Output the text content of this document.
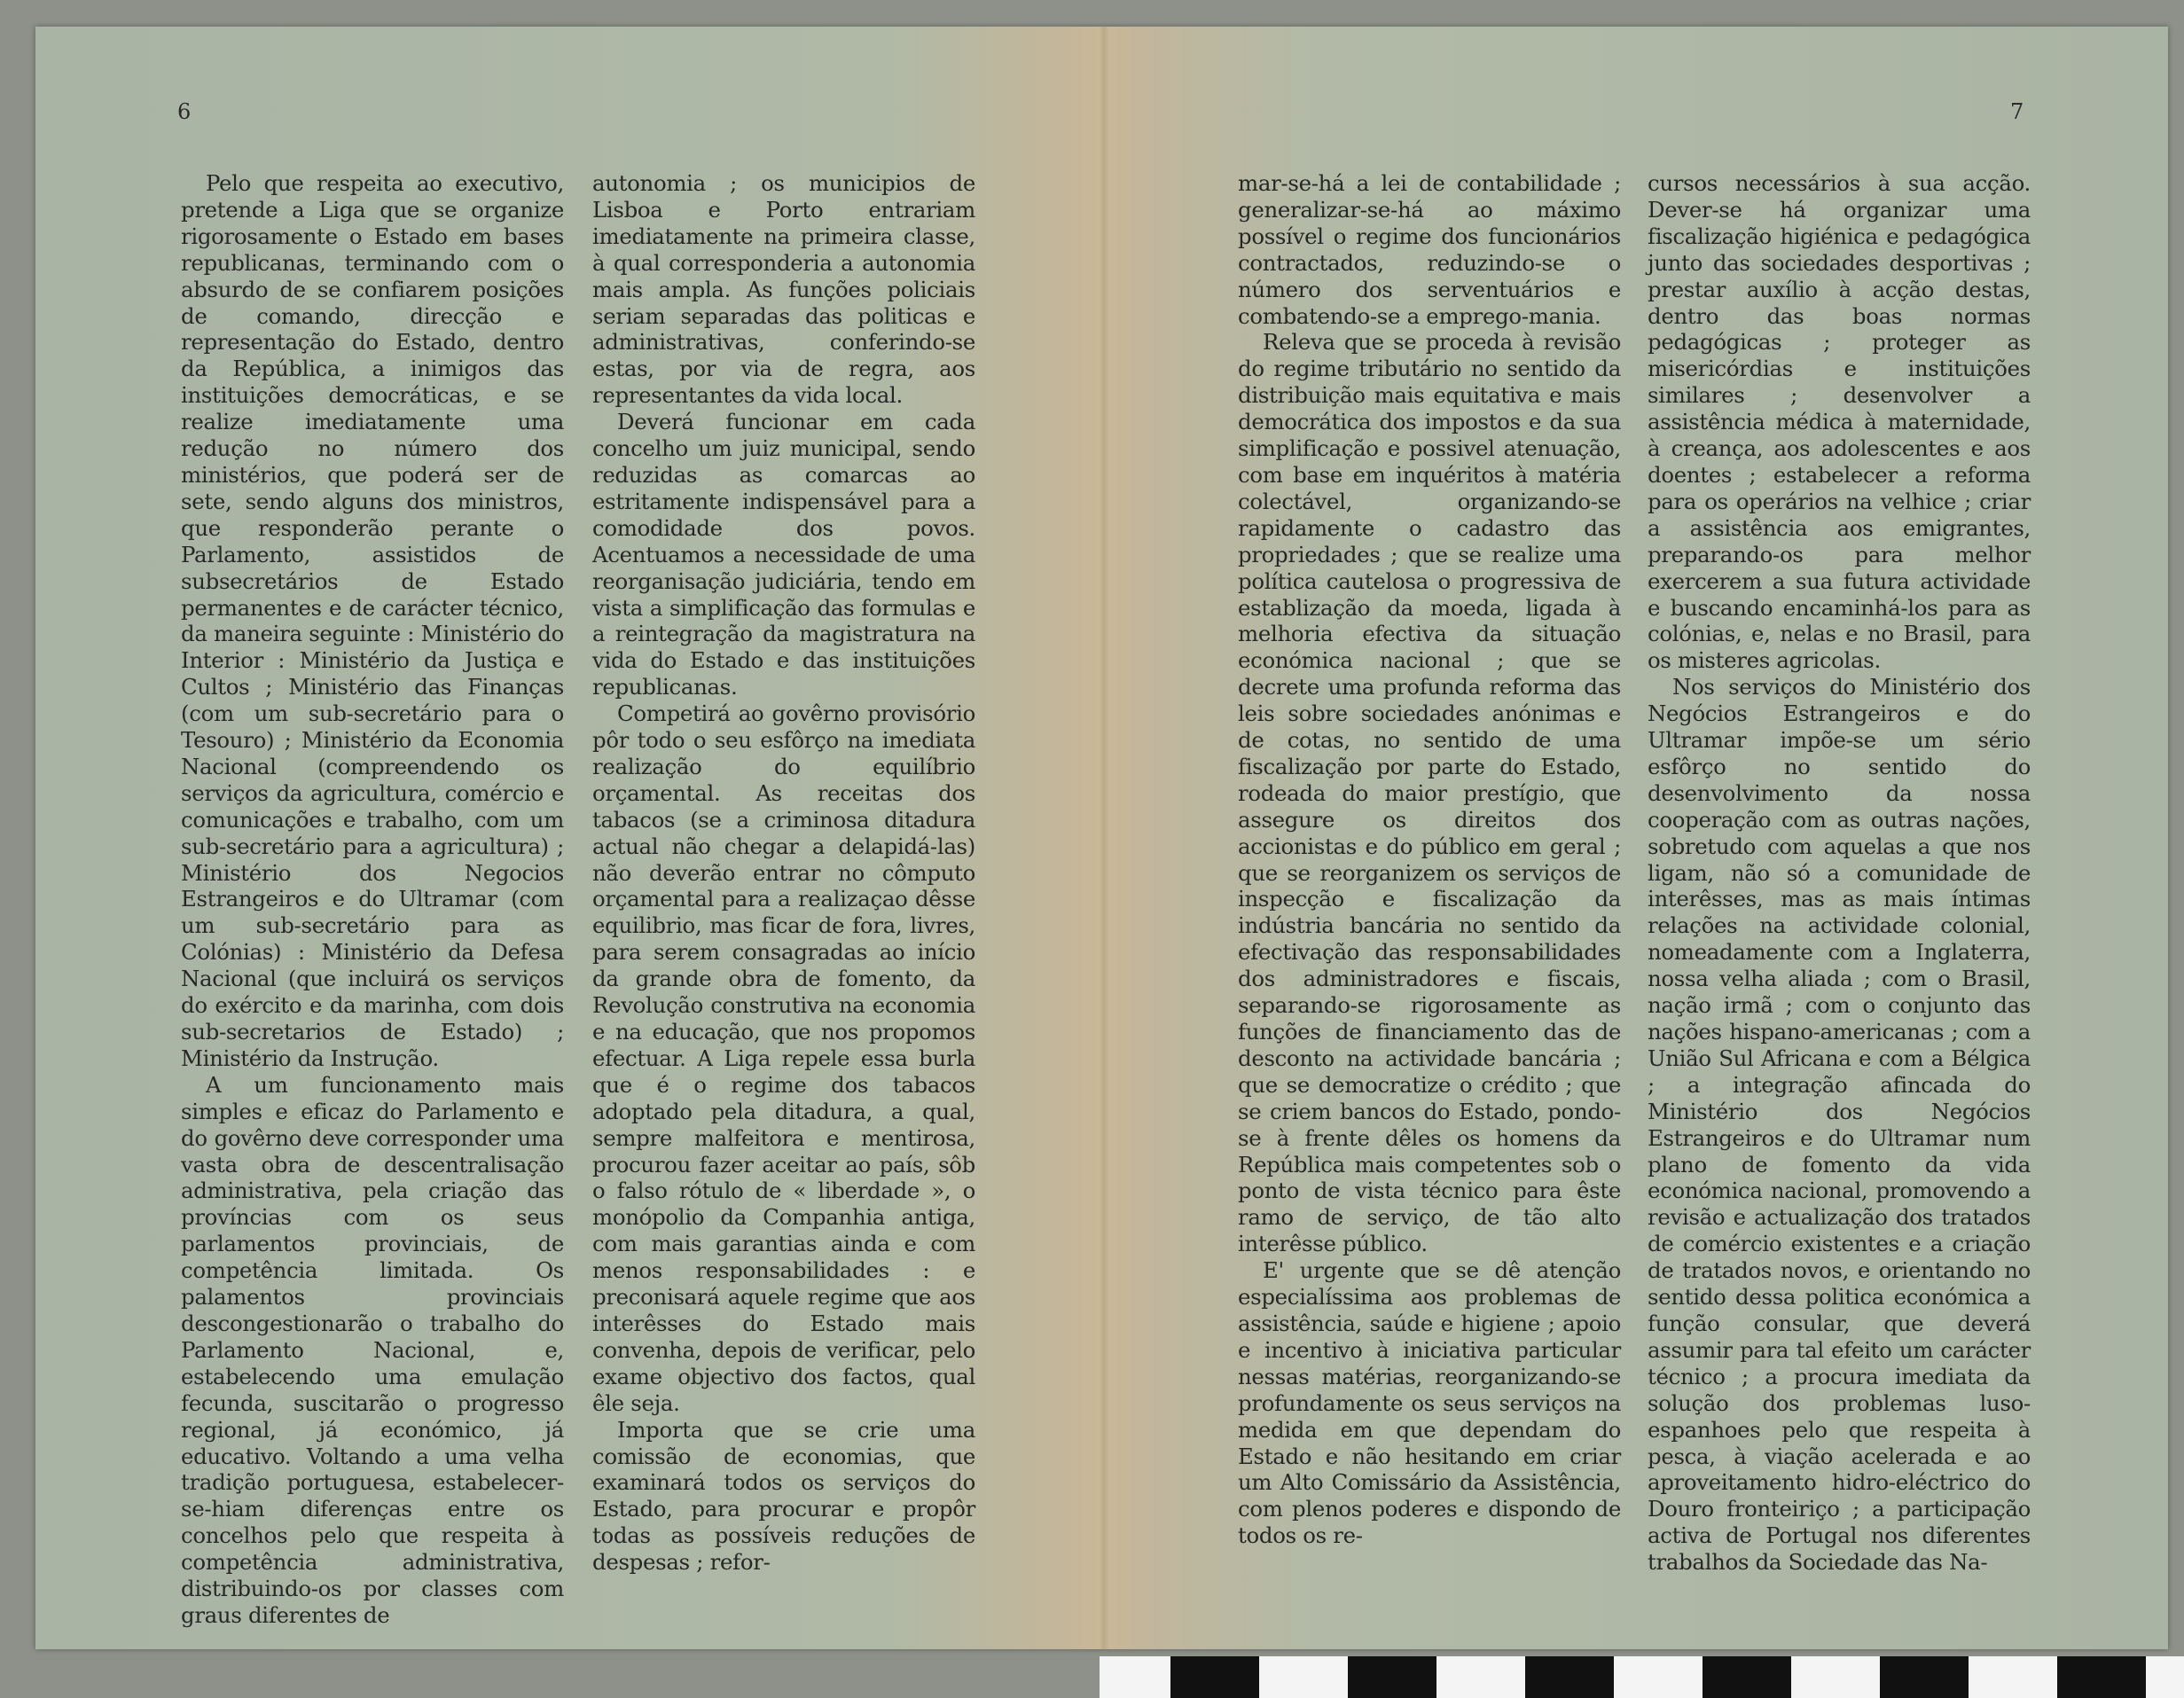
6	7

Pelo que respeita ao executivo, pretende a Liga que se organize rigorosamente o Estado em bases republicanas, terminando com o absurdo de se confiarem posições de comando, direcção e representação do Estado, dentro da República, a inimigos das instituições democráticas, e se realize imediatamente uma redução no número dos ministérios, que poderá ser de sete, sendo alguns dos ministros, que responderão perante o Parlamento, assistidos de subsecretários de Estado permanentes e de carácter técnico, da maneira seguinte : Ministério do Interior : Ministério da Justiça e Cultos ; Ministério das Finanças (com um sub-secretário para o Tesouro) ; Ministério da Economia Nacional (compreendendo os serviços da agricultura, comércio e comunicações e trabalho, com um sub-secretário para a agricultura) ; Ministério dos Negocios Estrangeiros e do Ultramar (com um sub-secretário para as Colónias) : Ministério da Defesa Nacional (que incluirá os serviços do exército e da marinha, com dois sub-secretarios de Estado) ; Ministério da Instrução.

A um funcionamento mais simples e eficaz do Parlamento e do govêrno deve corresponder uma vasta obra de descentralisação administrativa, pela criação das províncias com os seus parlamentos provinciais, de competência limitada. Os palamentos provinciais descongestionarão o trabalho do Parlamento Nacional, e, estabelecendo uma emulação fecunda, suscitarão o progresso regional, já económico, já educativo. Voltando a uma velha tradição portuguesa, estabelecer-se-hiam diferenças entre os concelhos pelo que respeita à competência administrativa, distribuindo-os por classes com graus diferentes de

autonomia ; os municipios de Lisboa e Porto entrariam imediatamente na primeira classe, à qual corresponderia a autonomia mais ampla. As funções policiais seriam separadas das politicas e administrativas, conferindo-se estas, por via de regra, aos representantes da vida local.

Deverá funcionar em cada concelho um juiz municipal, sendo reduzidas as comarcas ao estritamente indispensável para a comodidade dos povos. Acentuamos a necessidade de uma reorganisação judiciária, tendo em vista a simplificação das formulas e a reintegração da magistratura na vida do Estado e das instituições republicanas.

Competirá ao govêrno provisório pôr todo o seu esfôrço na imediata realização do equilíbrio orçamental. As receitas dos tabacos (se a criminosa ditadura actual não chegar a delapidá-las) não deverão entrar no cômputo orçamental para a realizaçao dêsse equilibrio, mas ficar de fora, livres, para serem consagradas ao início da grande obra de fomento, da Revolução construtiva na economia e na educação, que nos propomos efectuar. A Liga repele essa burla que é o regime dos tabacos adoptado pela ditadura, a qual, sempre malfeitora e mentirosa, procurou fazer aceitar ao país, sôb o falso rótulo de « liberdade », o monópolio da Companhia antiga, com mais garantias ainda e com menos responsabilidades : e preconisará aquele regime que aos interêsses do Estado mais convenha, depois de verificar, pelo exame objectivo dos factos, qual êle seja.

Importa que se crie uma comissão de economias, que examinará todos os serviços do Estado, para procurar e propôr todas as possíveis reduções de despesas ; refor-

mar-se-há a lei de contabilidade ; generalizar-se-há ao máximo possível o regime dos funcionários contractados, reduzindo-se o número dos serventuários e combatendo-se a emprego-mania.

Releva que se proceda à revisão do regime tributário no sentido da distribuição mais equitativa e mais democrática dos impostos e da sua simplificação e possivel atenuação, com base em inquéritos à matéria colectável, organizando-se rapidamente o cadastro das propriedades ; que se realize uma política cautelosa o progressiva de establização da moeda, ligada à melhoria efectiva da situação económica nacional ; que se decrete uma profunda reforma das leis sobre sociedades anónimas e de cotas, no sentido de uma fiscalização por parte do Estado, rodeada do maior prestígio, que assegure os direitos dos accionistas e do público em geral ; que se reorganizem os serviços de inspecção e fiscalização da indústria bancária no sentido da efectivação das responsabilidades dos administradores e fiscais, separando-se rigorosamente as funções de financiamento das de desconto na actividade bancária ; que se democratize o crédito ; que se criem bancos do Estado, pondo-se à frente dêles os homens da República mais competentes sob o ponto de vista técnico para êste ramo de serviço, de tão alto interêsse público.

E' urgente que se dê atenção especialíssima aos problemas de assistência, saúde e higiene ; apoio e incentivo à iniciativa particular nessas matérias, reorganizando-se profundamente os seus serviços na medida em que dependam do Estado e não hesitando em criar um Alto Comissário da Assistência, com plenos poderes e dispondo de todos os re-

cursos necessários à sua acção. Dever-se há organizar uma fiscalização higiénica e pedagógica junto das sociedades desportivas ; prestar auxílio à acção destas, dentro das boas normas pedagógicas ; proteger as misericórdias e instituições similares ; desenvolver a assistência médica à maternidade, à creança, aos adolescentes e aos doentes ; estabelecer a reforma para os operários na velhice ; criar a assistência aos emigrantes, preparando-os para melhor exercerem a sua futura actividade e buscando encaminhá-los para as colónias, e, nelas e no Brasil, para os misteres agricolas.

Nos serviços do Ministério dos Negócios Estrangeiros e do Ultramar impõe-se um sério esfôrço no sentido do desenvolvimento da nossa cooperação com as outras nações, sobretudo com aquelas a que nos ligam, não só a comunidade de interêsses, mas as mais íntimas relações na actividade colonial, nomeadamente com a Inglaterra, nossa velha aliada ; com o Brasil, nação irmã ; com o conjunto das nações hispano-americanas ; com a União Sul Africana e com a Bélgica ; a integração afincada do Ministério dos Negócios Estrangeiros e do Ultramar num plano de fomento da vida económica nacional, promovendo a revisão e actualização dos tratados de comércio existentes e a criação de tratados novos, e orientando no sentido dessa politica económica a função consular, que deverá assumir para tal efeito um carácter técnico ; a procura imediata da solução dos problemas luso-espanhoes pelo que respeita à pesca, à viação acelerada e ao aproveitamento hidro-eléctrico do Douro fronteiriço ; a participação activa de Portugal nos diferentes trabalhos da Sociedade das Na-
